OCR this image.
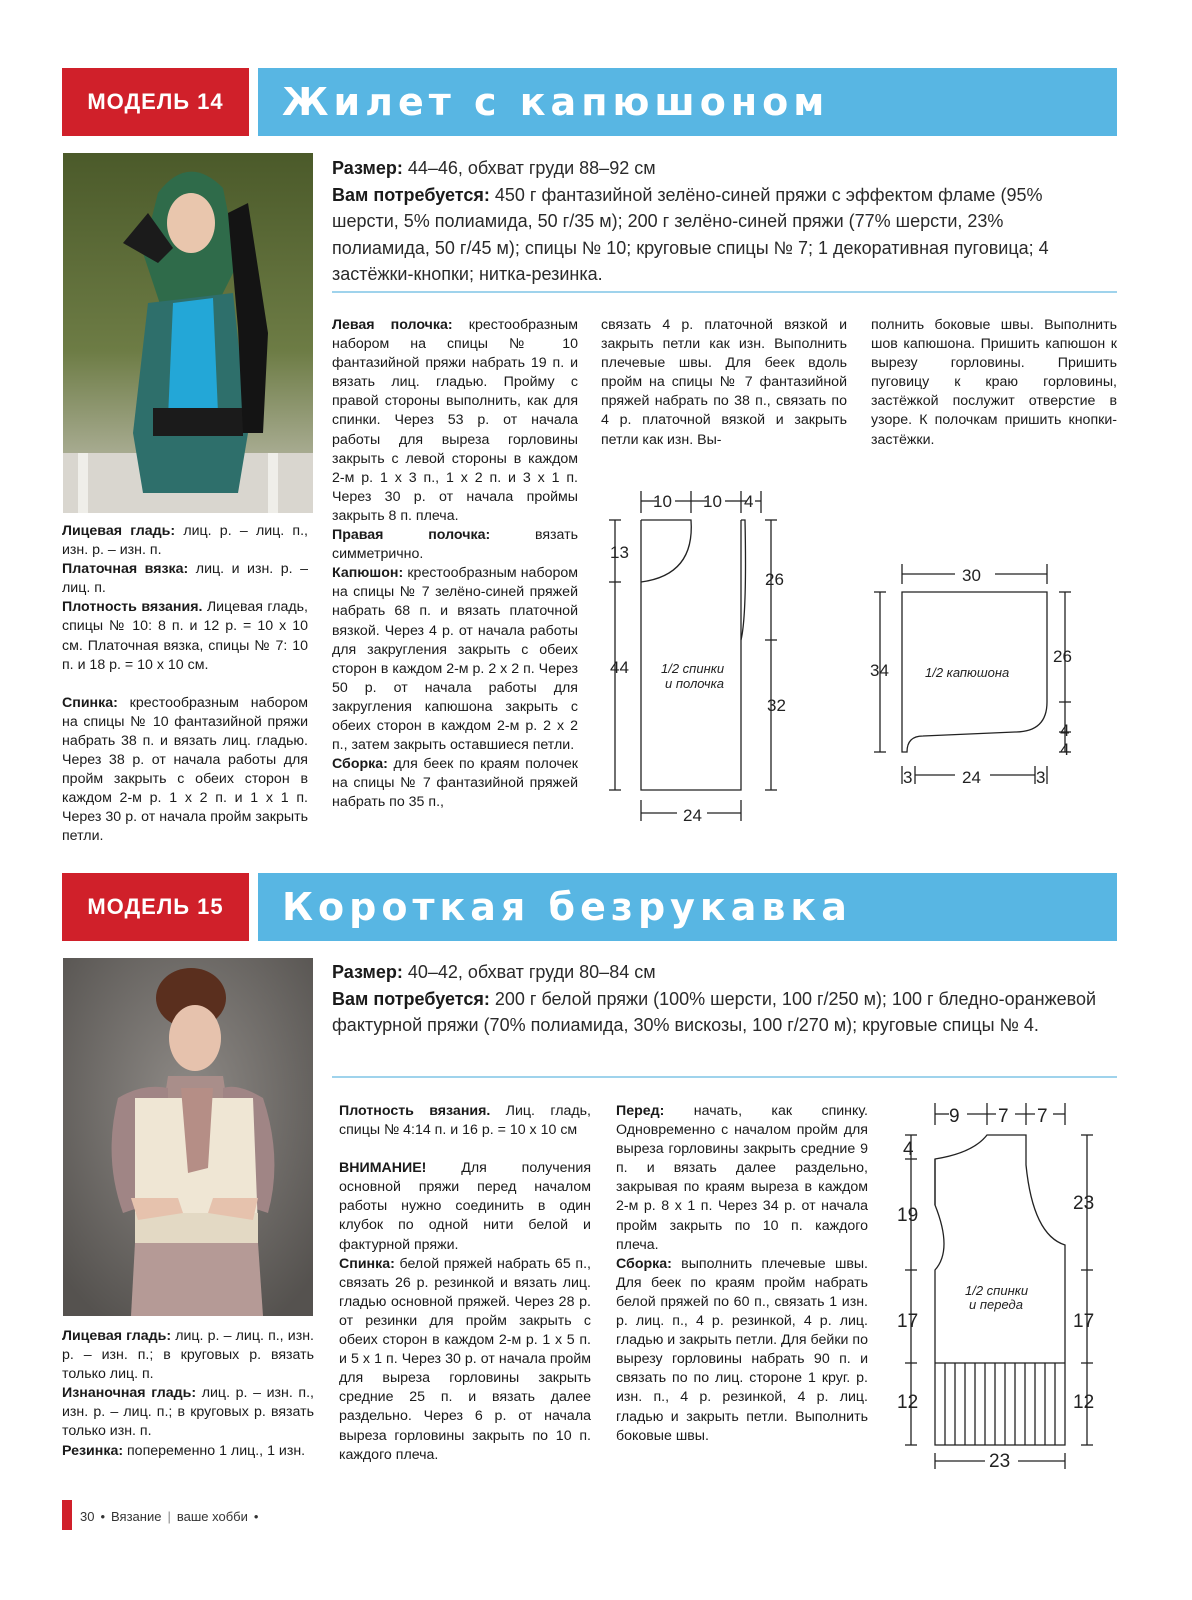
МОДЕЛЬ 14	Жилет с капюшоном
Размер: 44–46, обхват груди 88–92 см
Вам потребуется: 450 г фантазийной зелёно-синей пряжи с эффектом фламе (95% шерсти, 5% полиамида, 50 г/35 м); 200 г зелёно-синей пряжи (77% шерсти, 23% полиамида, 50 г/45 м); спицы № 10; круговые спицы № 7; 1 декоративная пуговица; 4 застёжки-кнопки; нитка-резинка.

Лицевая гладь: лиц. р. – лиц. п., изн. р. – изн. п.

Платочная вязка: лиц. и изн. р. – лиц. п.

Плотность вязания. Лицевая гладь, спицы № 10: 8 п. и 12 р. = 10 х 10 см. Платочная вязка, спицы № 7: 10 п. и 18 р. = 10 х 10 см.

Спинка: крестообразным набором на спицы № 10 фантазийной пряжи набрать 38 п. и вязать лиц. гладью. Через 38 р. от начала работы для пройм закрыть с обеих сторон в каждом 2-м р. 1 х 2 п. и 1 х 1 п. Через 30 р. от начала пройм закрыть петли.

Левая полочка: крестообразным набором на спицы № 10 фантазийной пряжи набрать 19 п. и вязать лиц. гладью. Пройму с правой стороны выполнить, как для спинки. Через 53 р. от начала работы для выреза горловины закрыть с левой стороны в каждом 2-м р. 1 х 3 п., 1 х 2 п. и 3 х 1 п. Через 30 р. от начала проймы закрыть 8 п. плеча.

Правая полочка: вязать симметрично.

Капюшон: крестообразным набором на спицы № 7 зелёно-синей пряжей набрать 68 п. и вязать платочной вязкой. Через 4 р. от начала работы для закругления закрыть с обеих сторон в каждом 2-м р. 2 х 2 п. Через 50 р. от начала работы для закругления капюшона закрыть с обеих сторон в каждом 2-м р. 2 х 2 п., затем закрыть оставшиеся петли.

Сборка: для беек по краям полочек на спицы № 7 фантазийной пряжей набрать по 35 п.,

связать 4 р. платочной вязкой и закрыть петли как изн. Выполнить плечевые швы. Для беек вдоль пройм на спицы № 7 фантазийной пряжей набрать по 38 п., связать по 4 р. платочной вязкой и закрыть петли как изн. Вы-
полнить боковые швы. Выполнить шов капюшона. Пришить капюшон к вырезу горловины. Пришить пуговицу к краю горловины, застёжкой послужит отверстие в узоре. К полочкам пришить кнопки-застёжки.
10 10 4
13
26
44
32
24
1/2 спинки
и полочка
30
34
26
4
4
3	24	3
1/2 капюшона
МОДЕЛЬ 15	Короткая безрукавка
Размер: 40–42, обхват груди 80–84 см
Вам потребуется: 200 г белой пряжи (100% шерсти, 100 г/250 м); 100 г бледно-оранжевой фактурной пряжи (70% полиамида, 30% вискозы, 100 г/270 м); круговые спицы № 4.

Лицевая гладь: лиц. р. – лиц. п., изн. р. – изн. п.; в круговых р. вязать только лиц. п.

Изнаночная гладь: лиц. р. – изн. п., изн. р. – лиц. п.; в круговых р. вязать только изн. п.

Резинка: попеременно 1 лиц., 1 изн.

Плотность вязания. Лиц. гладь, спицы № 4:14 п. и 16 р. = 10 х 10 см

ВНИМАНИЕ! Для получения основной пряжи перед началом работы нужно соединить в один клубок по одной нити белой и фактурной пряжи.

Спинка: белой пряжей набрать 65 п., связать 26 р. резинкой и вязать лиц. гладью основной пряжей. Через 28 р. от резинки для пройм закрыть с обеих сторон в каждом 2-м р. 1 х 5 п. и 5 х 1 п. Через 30 р. от начала пройм для выреза горловины закрыть средние 25 п. и вязать далее раздельно. Через 6 р. от начала выреза горловины закрыть по 10 п. каждого плеча.

Перед: начать, как спинку. Одновременно с началом пройм для выреза горловины закрыть средние 9 п. и вязать далее раздельно, закрывая по краям выреза в каждом 2-м р. 8 х 1 п. Через 34 р. от начала пройм закрыть по 10 п. каждого плеча.

Сборка: выполнить плечевые швы. Для беек по краям пройм набрать белой пряжей по 60 п., связать 1 изн. р. лиц. п., 4 р. резинкой, 4 р. лиц. гладью и закрыть петли. Для бейки по вырезу горловины набрать 90 п. и связать по по лиц. стороне 1 круг. р. изн. п., 4 р. резинкой, 4 р. лиц. гладью и закрыть петли. Выполнить боковые швы.

9 7 7
4
19
17
12
23
17
12
23
1/2 спинки
и переда
30 • Вязание | ваше хобби •
